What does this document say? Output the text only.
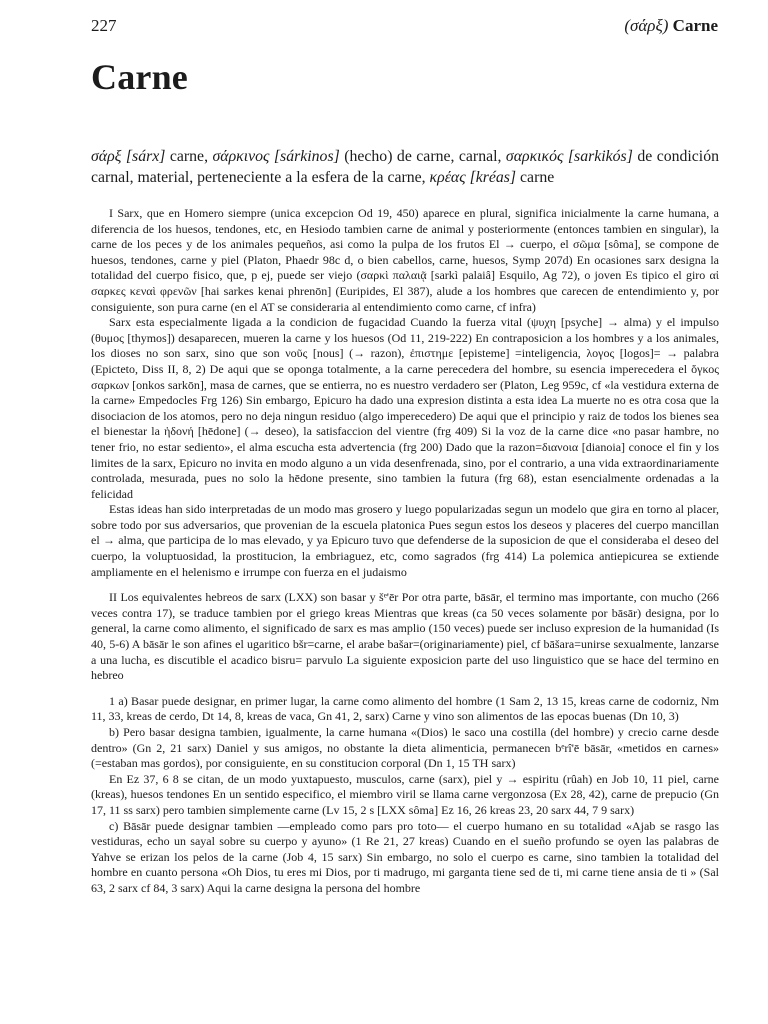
227	(σάρξ) Carne
Carne

σάρξ [sárx] carne, σάρκινος [sárkinos] (hecho) de carne, carnal, σαρκικός [sarkikós] de condición carnal, material, perteneciente a la esfera de la carne, κρέας [kréas] carne

I Sarx, que en Homero siempre (unica excepcion Od 19, 450) aparece en plural, significa inicialmente la carne humana, a diferencia de los huesos, tendones, etc, en Hesiodo tambien carne de animal y posteriormente (entonces tambien en singular), la carne de los peces y de los animales pequeños, asi como la pulpa de los frutos El → cuerpo, el σῶμα [sôma], se compone de huesos, tendones, carne y piel (Platon, Phaedr 98c d, o bien cabellos, carne, huesos, Symp 207d) En ocasiones sarx designa la totalidad del cuerpo fisico, que, p ej, puede ser viejo (σαρκὶ παλαιᾷ [sarkì palaiâ] Esquilo, Ag 72), o joven Es tipico el giro αἱ σαρκες κεναὶ φρενῶν [hai sarkes kenai phrenōn] (Euripides, El 387), alude a los hombres que carecen de entendimiento y, por consiguiente, son pura carne (en el AT se consideraria al entendimiento como carne, cf infra)

Sarx esta especialmente ligada a la condicion de fugacidad Cuando la fuerza vital (ψυχη [psyche] → alma) y el impulso (θυμος [thymos]) desaparecen, mueren la carne y los huesos (Od 11, 219-222) En contraposicion a los hombres y a los animales, los dioses no son sarx, sino que son νοῦς [nous] (→ razon), ἐπιστημε [episteme] =inteligencia, λογος [logos]= → palabra (Epicteto, Diss II, 8, 2) De aqui que se oponga totalmente, a la carne perecedera del hombre, su esencia imperecedera el ὄγκος σαρκων [onkos sarkōn], masa de carnes, que se entierra, no es nuestro verdadero ser (Platon, Leg 959c, cf «la vestidura externa de la carne» Empedocles Frg 126) Sin embargo, Epicuro ha dado una expresion distinta a esta idea La muerte no es otra cosa que la disociacion de los atomos, pero no deja ningun residuo (algo imperecedero) De aqui que el principio y raiz de todos los bienes sea el bienestar la ἡδονή [hēdone] (→ deseo), la satisfaccion del vientre (frg 409) Si la voz de la carne dice «no pasar hambre, no tener frio, no estar sediento», el alma escucha esta advertencia (frg 200) Dado que la razon=διανοια [dianoia] conoce el fin y los limites de la sarx, Epicuro no invita en modo alguno a un vida desenfrenada, sino, por el contrario, a una vida extraordinariamente controlada, mesurada, pues no solo la hēdone presente, sino tambien la futura (frg 68), estan esencialmente ordenadas a la felicidad

Estas ideas han sido interpretadas de un modo mas grosero y luego popularizadas segun un modelo que gira en torno al placer, sobre todo por sus adversarios, que provenian de la escuela platonica Pues segun estos los deseos y placeres del cuerpo mancillan el → alma, que participa de lo mas elevado, y ya Epicuro tuvo que defenderse de la suposicion de que el consideraba el deseo del cuerpo, la voluptuosidad, la prostitucion, la embriaguez, etc, como sagrados (frg 414) La polemica antiepicurea se extiende ampliamente en el helenismo e irrumpe con fuerza en el judaismo

II Los equivalentes hebreos de sarx (LXX) son basar y šᵉ'ēr Por otra parte, bāsār, el termino mas importante, con mucho (266 veces contra 17), se traduce tambien por el griego kreas Mientras que kreas (ca 50 veces solamente por bāsār) designa, por lo general, la carne como alimento, el significado de sarx es mas amplio (150 veces) puede ser incluso expresion de la humanidad (Is 40, 5-6) A bāsār le son afines el ugaritico bšr=carne, el arabe bašar=(originariamente) piel, cf bāšara=unirse sexualmente, lanzarse a una lucha, es discutible el acadico bisru= parvulo La siguiente exposicion parte del uso linguistico que se hace del termino en hebreo

1 a) Basar puede designar, en primer lugar, la carne como alimento del hombre (1 Sam 2, 13 15, kreas carne de codorniz, Nm 11, 33, kreas de cerdo, Dt 14, 8, kreas de vaca, Gn 41, 2, sarx) Carne y vino son alimentos de las epocas buenas (Dn 10, 3)

b) Pero basar designa tambien, igualmente, la carne humana «(Dios) le saco una costilla (del hombre) y crecio carne desde dentro» (Gn 2, 21 sarx) Daniel y sus amigos, no obstante la dieta alimenticia, permanecen bᵉrî'ē bāsār, «metidos en carnes» (=estaban mas gordos), por consiguiente, en su constitucion corporal (Dn 1, 15 TH sarx)

En Ez 37, 6 8 se citan, de un modo yuxtapuesto, musculos, carne (sarx), piel y → espiritu (rûah) en Job 10, 11 piel, carne (kreas), huesos tendones En un sentido especifico, el miembro viril se llama carne vergonzosa (Ex 28, 42), carne de prepucio (Gn 17, 11 ss sarx) pero tambien simplemente carne (Lv 15, 2 s [LXX sôma] Ez 16, 26 kreas 23, 20 sarx 44, 7 9 sarx)

c) Bāsār puede designar tambien —empleado como pars pro toto— el cuerpo humano en su totalidad «Ajab se rasgo las vestiduras, echo un sayal sobre su cuerpo y ayuno» (1 Re 21, 27 kreas) Cuando en el sueño profundo se oyen las palabras de Yahve se erizan los pelos de la carne (Job 4, 15 sarx) Sin embargo, no solo el cuerpo es carne, sino tambien la totalidad del hombre en cuanto persona «Oh Dios, tu eres mi Dios, por ti madrugo, mi garganta tiene sed de ti, mi carne tiene ansia de ti » (Sal 63, 2 sarx cf 84, 3 sarx) Aqui la carne designa la persona del hombre
